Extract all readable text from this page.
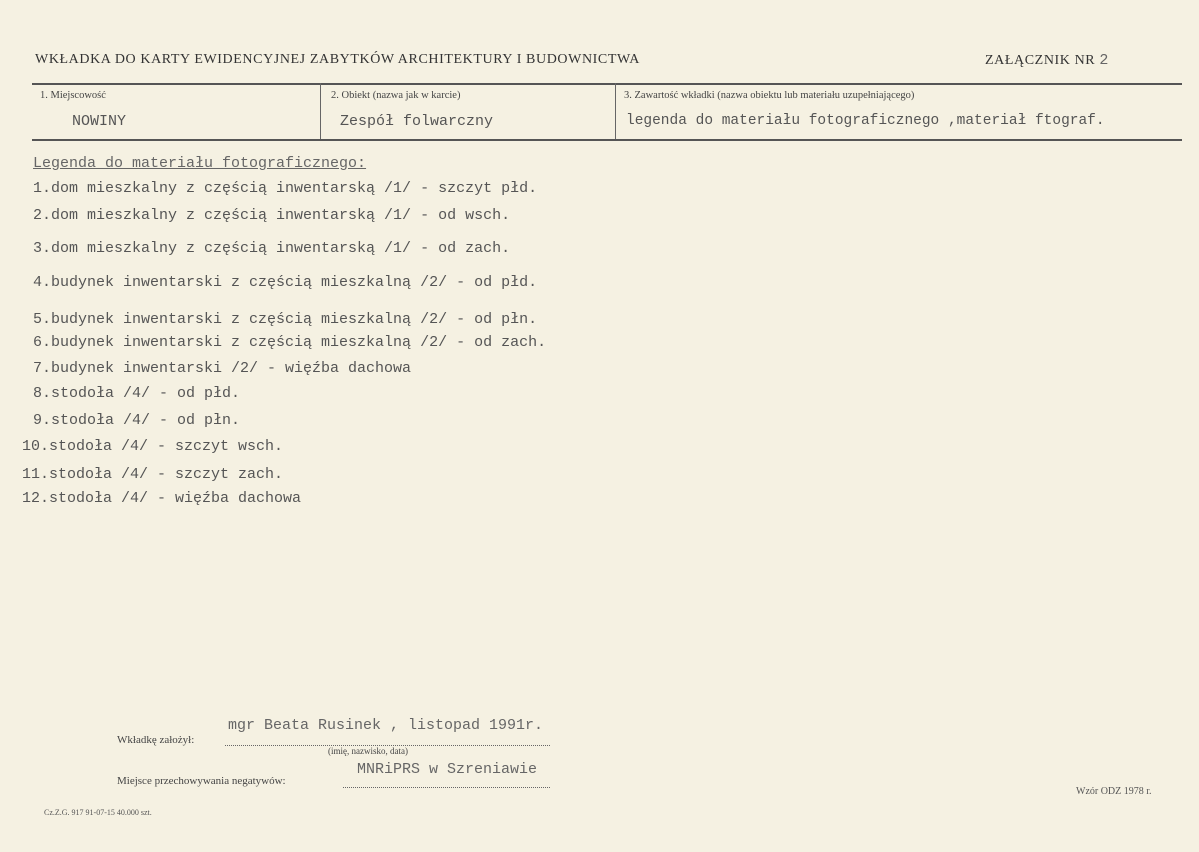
WKŁADKA DO KARTY EWIDENCYJNEJ ZABYTKÓW ARCHITEKTURY I BUDOWNICTWA	ZAŁĄCZNIK NR 2
1. Miejscowość
NOWINY
2. Obiekt (nazwa jak w karcie)
Zespół folwarczny
3. Zawartość wkładki (nazwa obiektu lub materiału uzupełniającego)
legenda do materiału fotograficznego ,materiał ftograf.
Legenda do materiału fotograficznego:
1.dom mieszkalny z częścią inwentarską /1/ - szczyt płd.
2.dom mieszkalny z częścią inwentarską /1/ - od wsch.
3.dom mieszkalny z częścią inwentarską /1/ - od zach.
4.budynek inwentarski z częścią mieszkalną /2/ - od płd.
5.budynek inwentarski z częścią mieszkalną /2/ - od płn.
6.budynek inwentarski z częścią mieszkalną /2/ - od zach.
7.budynek inwentarski /2/ - więźba dachowa
8.stodoła /4/ - od płd.
9.stodoła /4/ - od płn.
10.stodoła /4/ - szczyt wsch.
11.stodoła /4/ - szczyt zach.
12.stodoła /4/ - więźba dachowa
Wkładkę założył:
mgr Beata Rusinek , listopad 1991r.
(imię, nazwisko, data)
Miejsce przechowywania negatywów:
MNRiPRS w Szreniawie
Cz.Z.G. 917 91-07-15 40.000 szt.
Wzór ODZ 1978 r.
